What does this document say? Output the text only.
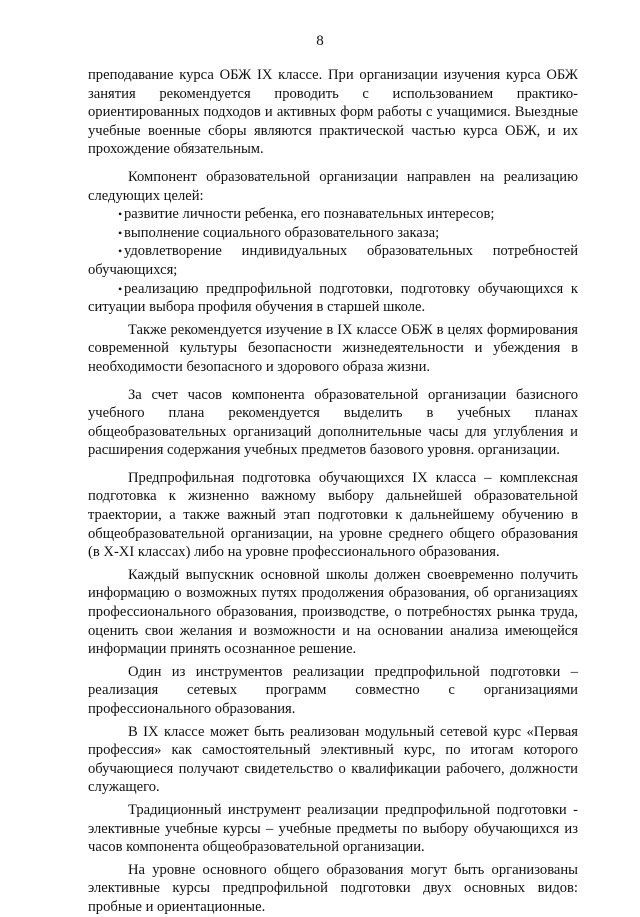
8

преподавание курса ОБЖ IX классе. При организации изучения курса ОБЖ занятия рекомендуется проводить с использованием практико-ориентированных подходов и активных форм работы с учащимися. Выездные учебные военные сборы являются практической частью курса ОБЖ, и их прохождение обязательным.

Компонент образовательной организации направлен на реализацию следующих целей:

• развитие личности ребенка, его познавательных интересов;
• выполнение социального образовательного заказа;
• удовлетворение индивидуальных образовательных потребностей обучающихся;
• реализацию предпрофильной подготовки, подготовку обучающихся к ситуации выбора профиля обучения в старшей школе.

Также рекомендуется изучение в IX классе ОБЖ в целях формирования современной культуры безопасности жизнедеятельности и убеждения в необходимости безопасного и здорового образа жизни.

За счет часов компонента образовательной организации базисного учебного плана рекомендуется выделить в учебных планах общеобразовательных организаций дополнительные часы для углубления и расширения содержания учебных предметов базового уровня. организации.

Предпрофильная подготовка обучающихся IX класса – комплексная подготовка к жизненно важному выбору дальнейшей образовательной траектории, а также важный этап подготовки к дальнейшему обучению в общеобразовательной организации, на уровне среднего общего образования (в X-XI классах) либо на уровне профессионального образования.

Каждый выпускник основной школы должен своевременно получить информацию о возможных путях продолжения образования, об организациях профессионального образования, производстве, о потребностях рынка труда, оценить свои желания и возможности и на основании анализа имеющейся информации принять осознанное решение.

Один из инструментов реализации предпрофильной подготовки – реализация сетевых программ совместно с организациями профессионального образования.

В IX классе может быть реализован модульный сетевой курс «Первая профессия» как самостоятельный элективный курс, по итогам которого обучающиеся получают свидетельство о квалификации рабочего, должности служащего.

Традиционный инструмент реализации предпрофильной подготовки - элективные учебные курсы – учебные предметы по выбору обучающихся из часов компонента общеобразовательной организации.

На уровне основного общего образования могут быть организованы элективные курсы предпрофильной подготовки двух основных видов: пробные и ориентационные.
